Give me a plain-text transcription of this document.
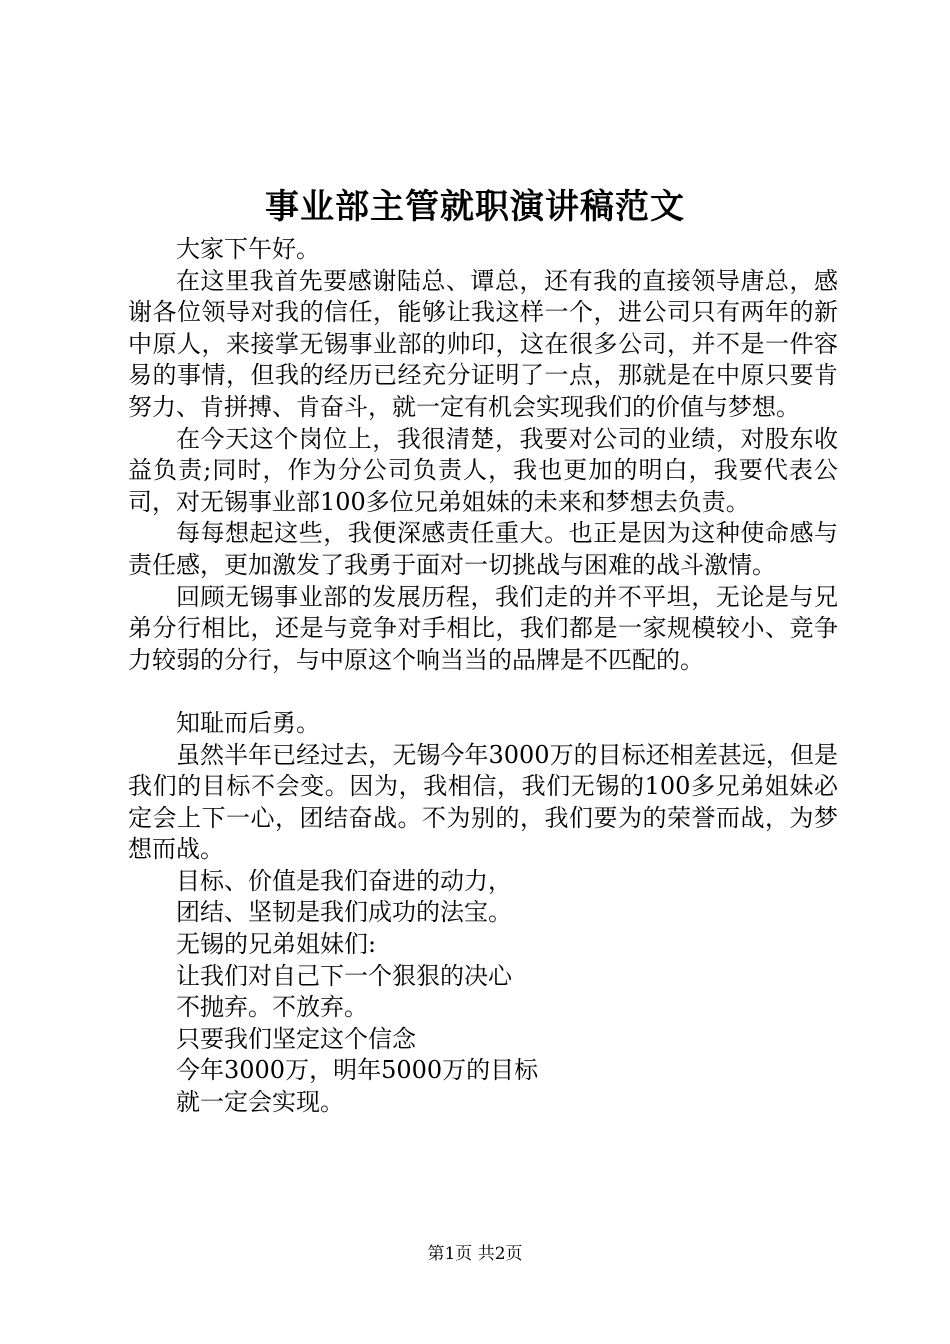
事业部主管就职演讲稿范文

大家下午好。

在这里我首先要感谢陆总、谭总，还有我的直接领导唐总，感谢各位领导对我的信任，能够让我这样一个，进公司只有两年的新中原人，来接掌无锡事业部的帅印，这在很多公司，并不是一件容易的事情，但我的经历已经充分证明了一点，那就是在中原只要肯努力、肯拼搏、肯奋斗，就一定有机会实现我们的价值与梦想。

在今天这个岗位上，我很清楚，我要对公司的业绩，对股东收益负责;同时，作为分公司负责人，我也更加的明白，我要代表公司，对无锡事业部100多位兄弟姐妹的未来和梦想去负责。

每每想起这些，我便深感责任重大。也正是因为这种使命感与责任感，更加激发了我勇于面对一切挑战与困难的战斗激情。

回顾无锡事业部的发展历程，我们走的并不平坦，无论是与兄弟分行相比，还是与竞争对手相比，我们都是一家规模较小、竞争力较弱的分行，与中原这个响当当的品牌是不匹配的。

知耻而后勇。

虽然半年已经过去，无锡今年3000万的目标还相差甚远，但是我们的目标不会变。因为，我相信，我们无锡的100多兄弟姐妹必定会上下一心，团结奋战。不为别的，我们要为的荣誉而战，为梦想而战。

目标、价值是我们奋进的动力，

团结、坚韧是我们成功的法宝。

无锡的兄弟姐妹们:

让我们对自己下一个狠狠的决心

不抛弃。不放弃。

只要我们坚定这个信念

今年3000万，明年5000万的目标

就一定会实现。

第1页 共2页
